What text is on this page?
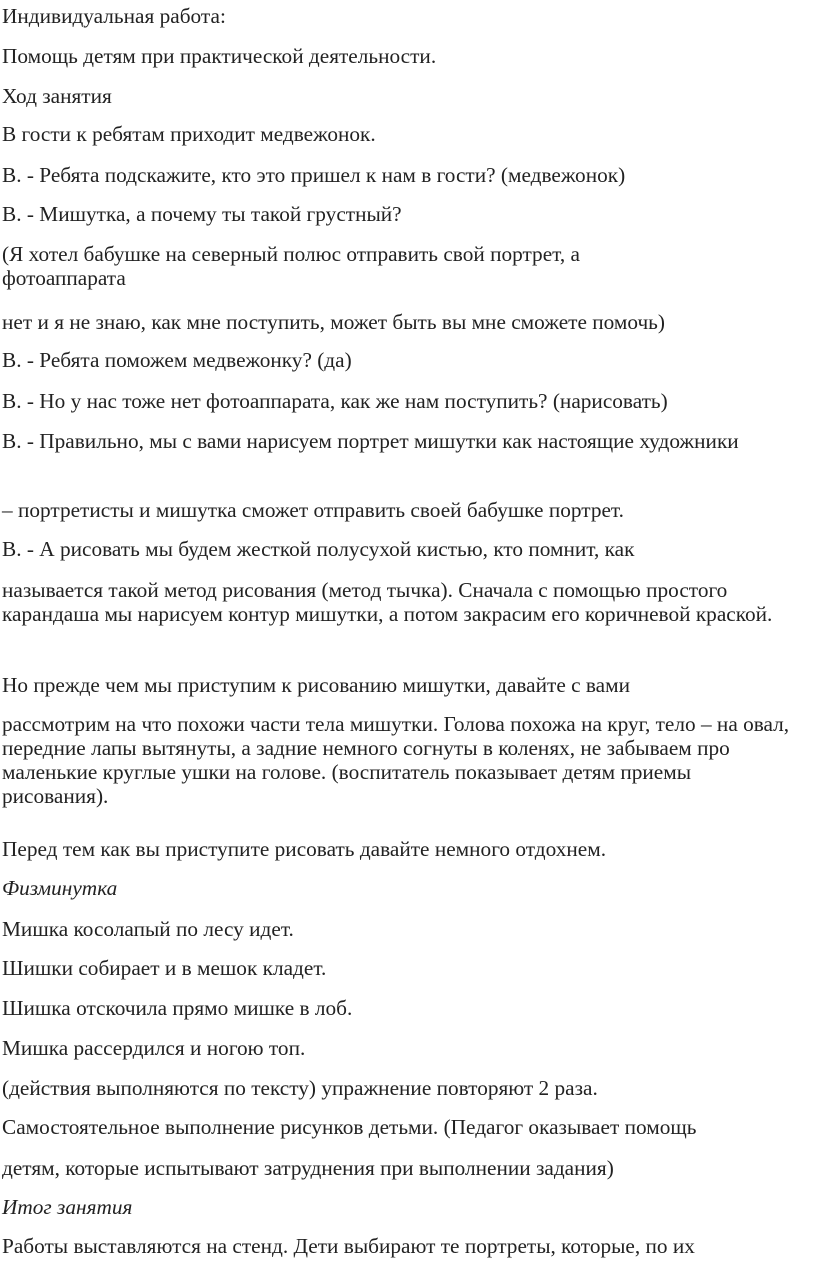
Индивидуальная работа:

Помощь детям при практической деятельности.

Ход занятия

В гости к ребятам приходит медвежонок.

В. - Ребята подскажите, кто это пришел к нам в гости? (медвежонок)

В. - Мишутка, а почему ты такой грустный?

(Я хотел бабушке на северный полюс отправить свой портрет, а фотоаппарата

нет и я не знаю, как мне поступить, может быть вы мне сможете помочь)

В. - Ребята поможем медвежонку? (да)

В. - Но у нас тоже нет фотоаппарата, как же нам поступить? (нарисовать)

В. - Правильно, мы с вами нарисуем портрет мишутки как настоящие художники

– портретисты и мишутка сможет отправить своей бабушке портрет.

В. - А рисовать мы будем жесткой полусухой кистью, кто помнит, как

называется такой метод рисования (метод тычка). Сначала с помощью простого карандаша мы нарисуем контур мишутки, а потом закрасим его коричневой краской.

Но прежде чем мы приступим к рисованию мишутки, давайте с вами

рассмотрим на что похожи части тела мишутки. Голова похожа на круг, тело – на овал, передние лапы вытянуты, а задние немного согнуты в коленях, не забываем про маленькие круглые ушки на голове. (воспитатель показывает детям приемы рисования).

Перед тем как вы приступите рисовать давайте немного отдохнем.

Физминутка

Мишка косолапый по лесу идет.

Шишки собирает и в мешок кладет.

Шишка отскочила прямо мишке в лоб.

Мишка рассердился и ногою топ.

(действия выполняются по тексту) упражнение повторяют 2 раза.

Самостоятельное выполнение рисунков детьми. (Педагог оказывает помощь

детям, которые испытывают затруднения при выполнении задания)

Итог занятия

Работы выставляются на стенд. Дети выбирают те портреты, которые, по их
